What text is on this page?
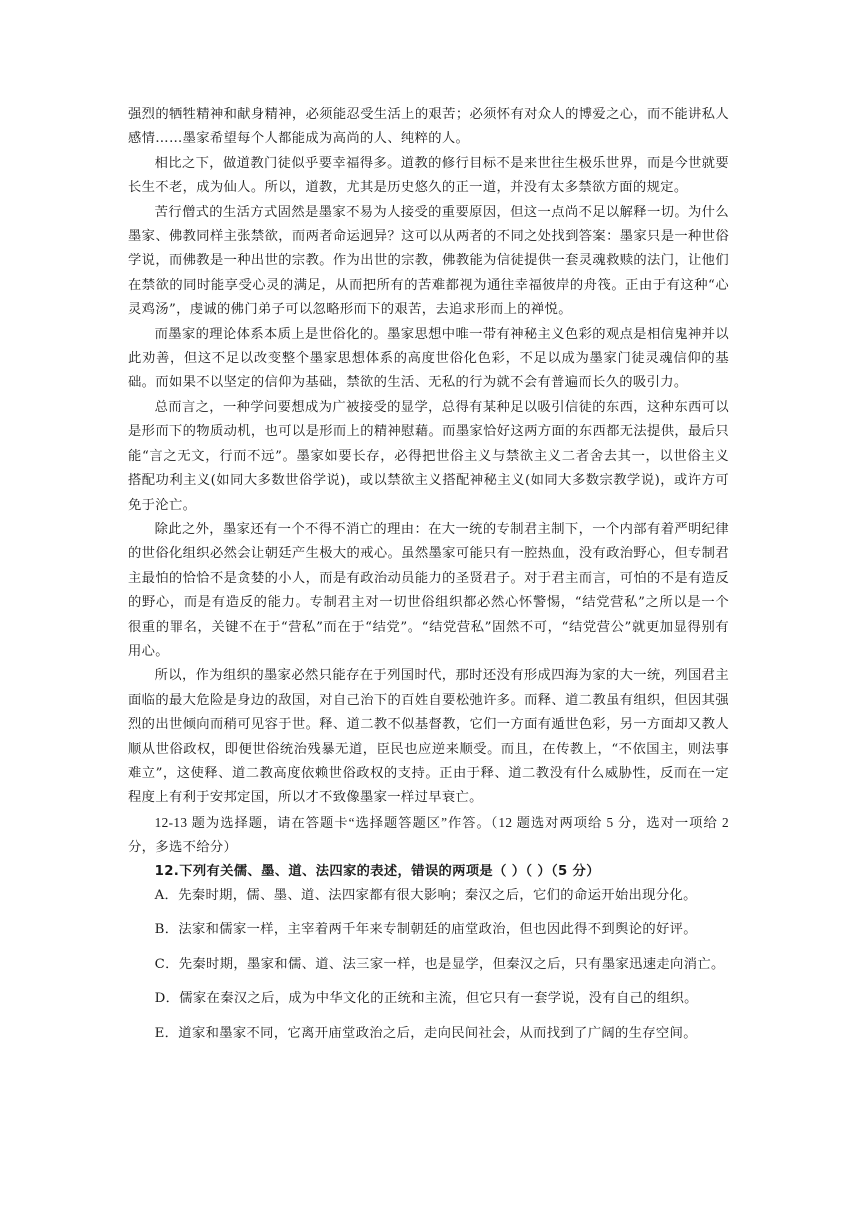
强烈的牺牲精神和献身精神，必须能忍受生活上的艰苦；必须怀有对众人的博爱之心，而不能讲私人感情……墨家希望每个人都能成为高尚的人、纯粹的人。

相比之下，做道教门徒似乎要幸福得多。道教的修行目标不是来世往生极乐世界，而是今世就要长生不老，成为仙人。所以，道教，尤其是历史悠久的正一道，并没有太多禁欲方面的规定。

苦行僧式的生活方式固然是墨家不易为人接受的重要原因，但这一点尚不足以解释一切。为什么墨家、佛教同样主张禁欲，而两者命运迥异？这可以从两者的不同之处找到答案：墨家只是一种世俗学说，而佛教是一种出世的宗教。作为出世的宗教，佛教能为信徒提供一套灵魂救赎的法门，让他们在禁欲的同时能享受心灵的满足，从而把所有的苦难都视为通往幸福彼岸的舟筏。正由于有这种“心灵鸡汤”，虔诚的佛门弟子可以忽略形而下的艰苦，去追求形而上的禅悦。

而墨家的理论体系本质上是世俗化的。墨家思想中唯一带有神秘主义色彩的观点是相信鬼神并以此劝善，但这不足以改变整个墨家思想体系的高度世俗化色彩，不足以成为墨家门徒灵魂信仰的基础。而如果不以坚定的信仰为基础，禁欲的生活、无私的行为就不会有普遍而长久的吸引力。

总而言之，一种学问要想成为广被接受的显学，总得有某种足以吸引信徒的东西，这种东西可以是形而下的物质动机，也可以是形而上的精神慰藉。而墨家恰好这两方面的东西都无法提供，最后只能“言之无文，行而不远”。墨家如要长存，必得把世俗主义与禁欲主义二者舍去其一，以世俗主义搭配功利主义(如同大多数世俗学说)，或以禁欲主义搭配神秘主义(如同大多数宗教学说)，或许方可免于沦亡。

除此之外，墨家还有一个不得不消亡的理由：在大一统的专制君主制下，一个内部有着严明纪律的世俗化组织必然会让朝廷产生极大的戒心。虽然墨家可能只有一腔热血，没有政治野心，但专制君主最怕的恰恰不是贪婪的小人，而是有政治动员能力的圣贤君子。对于君主而言，可怕的不是有造反的野心，而是有造反的能力。专制君主对一切世俗组织都必然心怀警惕，“结党营私”之所以是一个很重的罪名，关键不在于“营私”而在于“结党”。“结党营私”固然不可，“结党营公”就更加显得别有用心。

所以，作为组织的墨家必然只能存在于列国时代，那时还没有形成四海为家的大一统，列国君主面临的最大危险是身边的敌国，对自己治下的百姓自要松弛许多。而释、道二教虽有组织，但因其强烈的出世倾向而稍可见容于世。释、道二教不似基督教，它们一方面有遁世色彩，另一方面却又教人顺从世俗政权，即便世俗统治残暴无道，臣民也应逆来顺受。而且，在传教上，“不依国主，则法事难立”，这使释、道二教高度依赖世俗政权的支持。正由于释、道二教没有什么威胁性，反而在一定程度上有利于安邦定国，所以才不致像墨家一样过早衰亡。

12-13 题为选择题，请在答题卡“选择题答题区”作答。（12 题选对两项给 5 分，选对一项给 2 分，多选不给分）

12.下列有关儒、墨、道、法四家的表述，错误的两项是（ ）（ ）（5 分）

A．先秦时期，儒、墨、道、法四家都有很大影响；秦汉之后，它们的命运开始出现分化。

B．法家和儒家一样，主宰着两千年来专制朝廷的庙堂政治，但也因此得不到舆论的好评。

C．先秦时期，墨家和儒、道、法三家一样，也是显学，但秦汉之后，只有墨家迅速走向消亡。

D．儒家在秦汉之后，成为中华文化的正统和主流，但它只有一套学说，没有自己的组织。

E．道家和墨家不同，它离开庙堂政治之后，走向民间社会，从而找到了广阔的生存空间。
